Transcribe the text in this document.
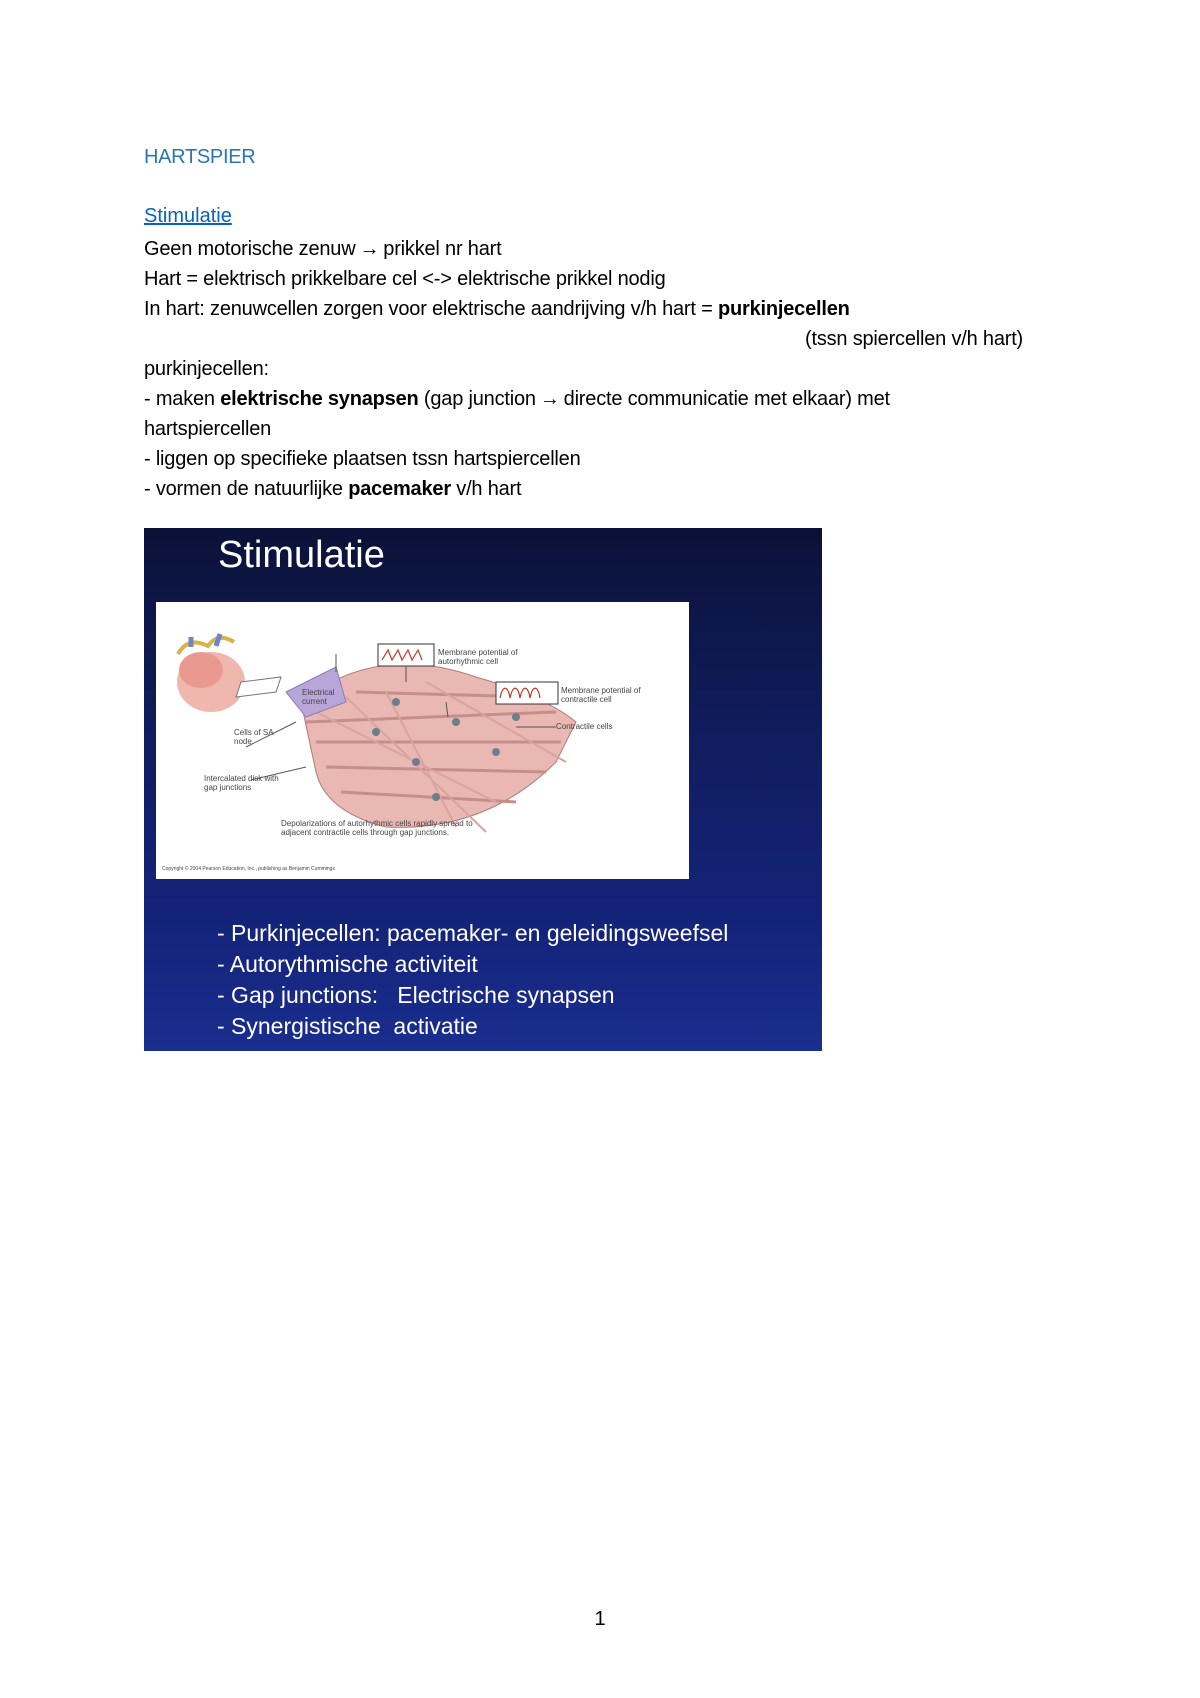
HARTSPIER
Stimulatie
Geen motorische zenuw → prikkel nr hart
Hart = elektrisch prikkelbare cel <-> elektrische prikkel nodig
In hart: zenuwcellen zorgen voor elektrische aandrijving v/h hart = purkinjecellen
(tssn spiercellen v/h hart)
purkinjecellen:
- maken elektrische synapsen (gap junction → directe communicatie met elkaar) met
hartspiercellen
- liggen op specifieke plaatsen tssn hartspiercellen
- vormen de natuurlijke pacemaker v/h hart
Stimulatie
Membrane potential of autorhythmic cell
Membrane potential of contractile cell
Electrical current
Contractile cells
Cells of SA node
Intercalated disk with gap junctions
Depolarizations of autorhythmic cells rapidly spread to adjacent contractile cells through gap junctions.
Copyright © 2004 Pearson Education, Inc., publishing as Benjamin Cummings
- Purkinjecellen: pacemaker- en geleidingsweefsel
- Autorythmische activiteit
- Gap junctions:   Electrische synapsen
- Synergistische  activatie
1
